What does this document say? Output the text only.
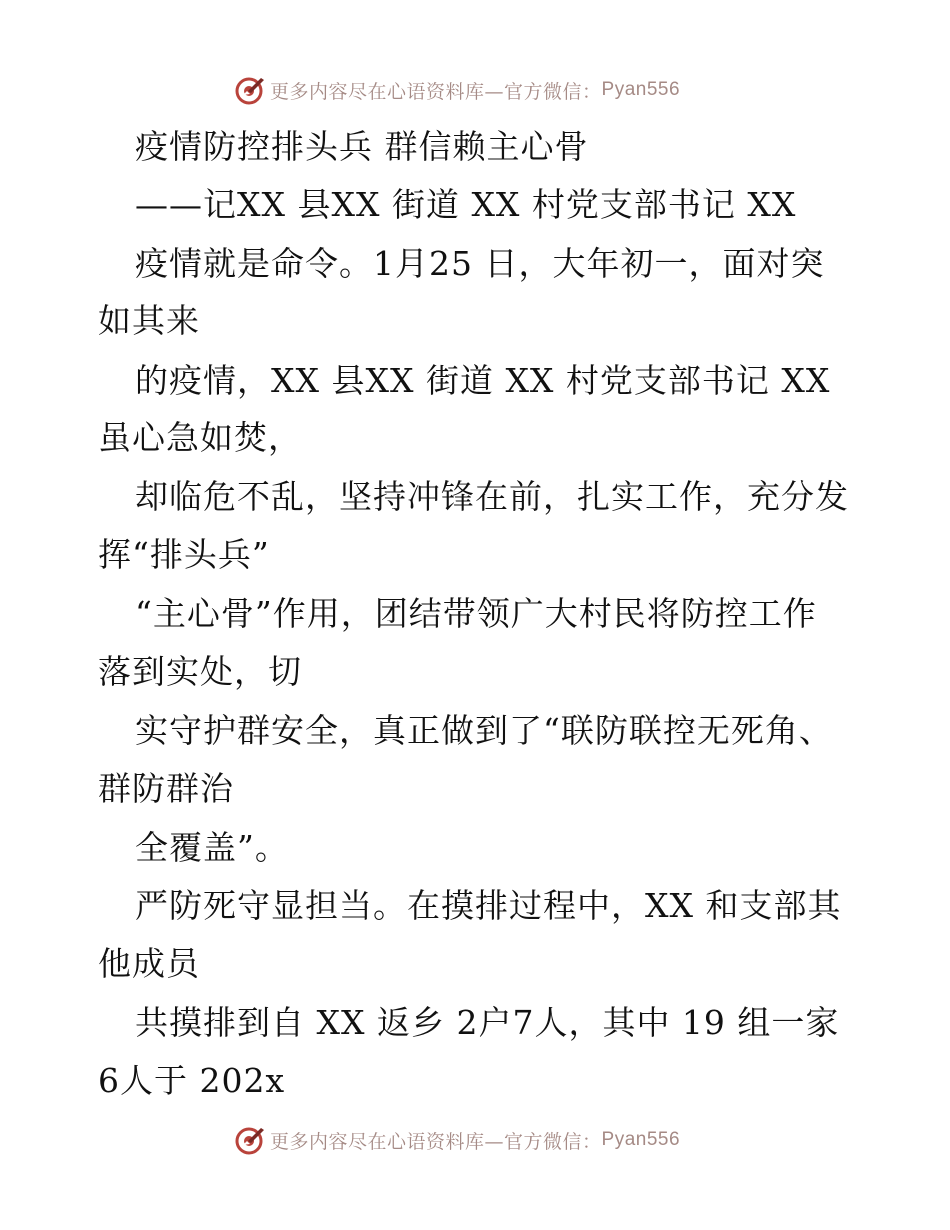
更多内容尽在心语资料库—官方微信： Pyan556
疫情防控排头兵 群信赖主心骨
——记XX 县XX 街道 XX 村党支部书记 XX
疫情就是命令。1月25 日，大年初一，面对突
如其来
的疫情，XX 县XX 街道 XX 村党支部书记 XX
虽心急如焚，
却临危不乱，坚持冲锋在前，扎实工作，充分发
挥“排头兵”
“主心骨”作用，团结带领广大村民将防控工作
落到实处，切
实守护群安全，真正做到了“联防联控无死角、
群防群治
全覆盖”。
严防死守显担当。在摸排过程中，XX 和支部其
他成员
共摸排到自 XX 返乡 2户7人，其中 19 组一家
6人于 202x
更多内容尽在心语资料库—官方微信： Pyan556
